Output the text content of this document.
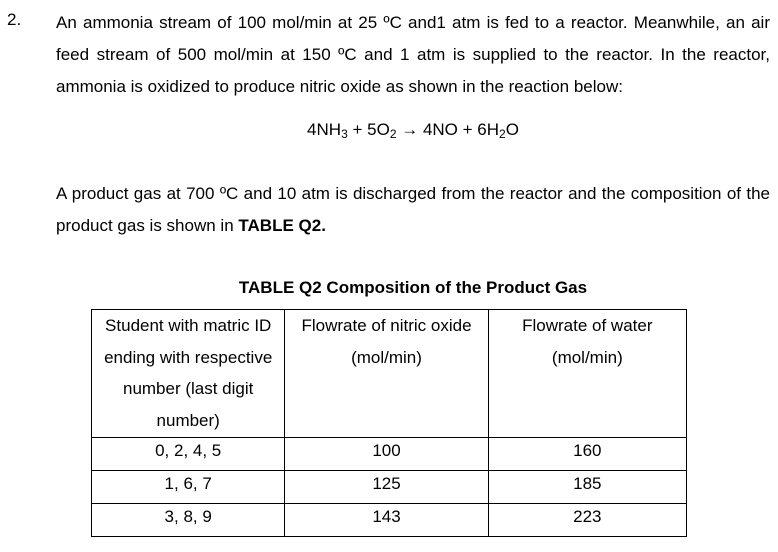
2. An ammonia stream of 100 mol/min at 25 ºC and1 atm is fed to a reactor. Meanwhile, an air feed stream of 500 mol/min at 150 ºC and 1 atm is supplied to the reactor. In the reactor, ammonia is oxidized to produce nitric oxide as shown in the reaction below:

$4NH_3 + 5O_2 \to 4NO + 6H_2O$

A product gas at 700 ºC and 10 atm is discharged from the reactor and the composition of the product gas is shown in TABLE Q2.

TABLE Q2 Composition of the Product Gas
Student with matric ID ending with respective number (last digit number)	Flowrate of nitric oxide (mol/min)	Flowrate of water (mol/min)
0, 2, 4, 5	100	160
1, 6, 7	125	185
3, 8, 9	143	223
